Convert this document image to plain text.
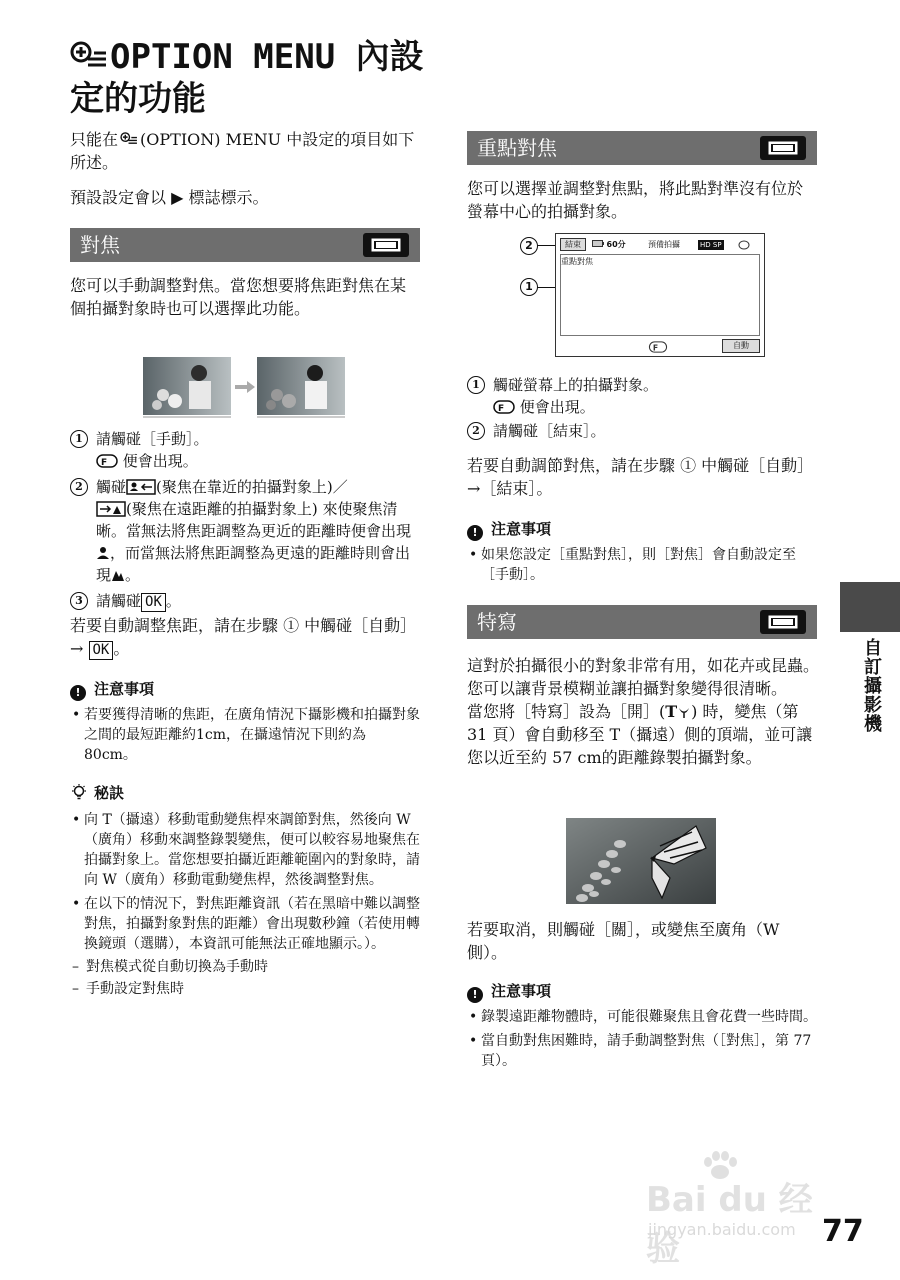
OPTION MENU 內設
定的功能
只能在 (OPTION) MENU 中設定的項目如下所述。
預設設定會以 ▶ 標誌標示。
對焦
您可以手動調整對焦。當您想要將焦距對焦在某個拍攝對象時也可以選擇此功能。
1 請觸碰［手動］。

F 便會出現。
2 觸碰 (聚焦在靠近的拍攝對象上)／
(聚焦在遠距離的拍攝對象上) 來使聚焦清晰。當無法將焦距調整為更近的距離時便會出現，而當無法將焦距調整為更遠的距離時則會出現 。
3 請觸碰 OK 。
若要自動調整焦距，請在步驟 ① 中觸碰［自動］ → OK 。
! 注意事項
• 若要獲得清晰的焦距，在廣角情況下攝影機和拍攝對象之間的最短距離約1cm，在攝遠情況下則約為 80cm。
秘訣
• 向 T（攝遠）移動電動變焦桿來調節對焦，然後向 W（廣角）移動來調整錄製變焦，便可以較容易地聚焦在拍攝對象上。當您想要拍攝近距離範圍內的對象時，請向 W（廣角）移動電動變焦桿，然後調整對焦。
• 在以下的情況下，對焦距離資訊（若在黑暗中難以調整對焦，拍攝對象對焦的距離）會出現數秒鐘（若使用轉換鏡頭（選購），本資訊可能無法正確地顯示。）。
– 對焦模式從自動切換為手動時
– 手動設定對焦時
重點對焦
您可以選擇並調整對焦點，將此點對準沒有位於螢幕中心的拍攝對象。
2
1
結束	60分	預備拍攝	HD SP
重點對焦
F	自動
1 觸碰螢幕上的拍攝對象。

F 便會出現。
2 請觸碰［結束］。
若要自動調節對焦，請在步驟 ① 中觸碰［自動］→［結束］。
! 注意事項
• 如果您設定［重點對焦］，則［對焦］會自動設定至［手動］。
特寫
這對於拍攝很小的對象非常有用，如花卉或昆蟲。您可以讓背景模糊並讓拍攝對象變得很清晰。
當您將［特寫］設為［開］(T ) 時，變焦（第 31 頁）會自動移至 T（攝遠）側的頂端，並可讓您以近至約 57 cm的距離錄製拍攝對象。
若要取消，則觸碰［關］，或變焦至廣角（W 側）。
! 注意事項
• 錄製遠距離物體時，可能很難聚焦且會花費一些時間。
• 當自動對焦困難時，請手動調整對焦（［對焦］，第 77 頁）。
自訂攝影機
Bai du 经验
jingyan.baidu.com 77
